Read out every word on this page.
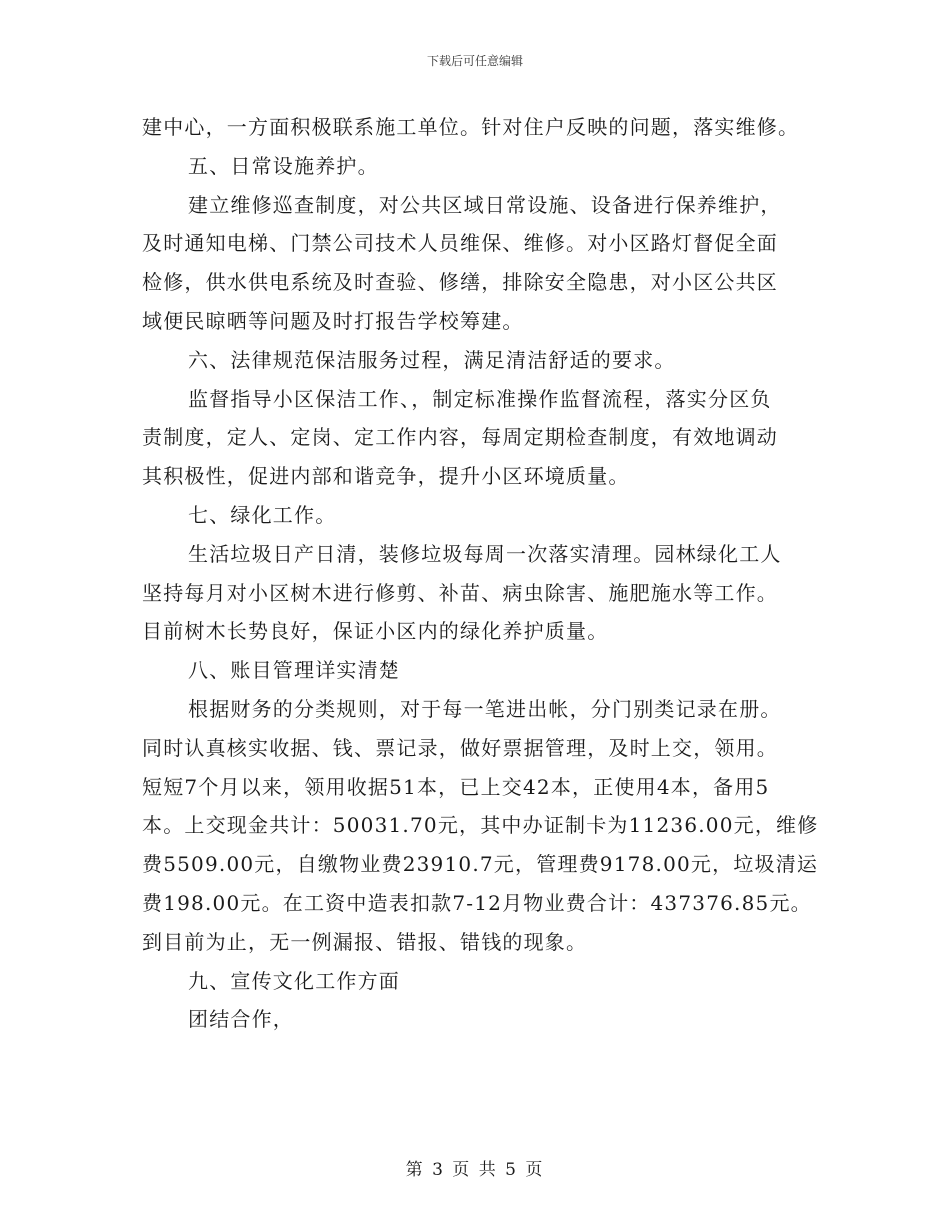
下载后可任意编辑
建中心，一方面积极联系施工单位。针对住户反映的问题，落实维修。
五、日常设施养护。
建立维修巡查制度，对公共区域日常设施、设备进行保养维护，
及时通知电梯、门禁公司技术人员维保、维修。对小区路灯督促全面
检修，供水供电系统及时查验、修缮，排除安全隐患，对小区公共区
域便民晾晒等问题及时打报告学校筹建。
六、法律规范保洁服务过程，满足清洁舒适的要求。
监督指导小区保洁工作、，制定标准操作监督流程，落实分区负
责制度，定人、定岗、定工作内容，每周定期检查制度，有效地调动
其积极性，促进内部和谐竞争，提升小区环境质量。
七、绿化工作。
生活垃圾日产日清，装修垃圾每周一次落实清理。园林绿化工人
坚持每月对小区树木进行修剪、补苗、病虫除害、施肥施水等工作。
目前树木长势良好，保证小区内的绿化养护质量。
八、账目管理详实清楚
根据财务的分类规则，对于每一笔进出帐，分门别类记录在册。
同时认真核实收据、钱、票记录，做好票据管理，及时上交，领用。
短短7个月以来，领用收据51本，已上交42本，正使用4本，备用5
本。上交现金共计：50031.70元，其中办证制卡为11236.00元，维修
费5509.00元，自缴物业费23910.7元，管理费9178.00元，垃圾清运
费198.00元。在工资中造表扣款7-12月物业费合计：437376.85元。
到目前为止，无一例漏报、错报、错钱的现象。
九、宣传文化工作方面
团结合作，
第 3 页 共 5 页
